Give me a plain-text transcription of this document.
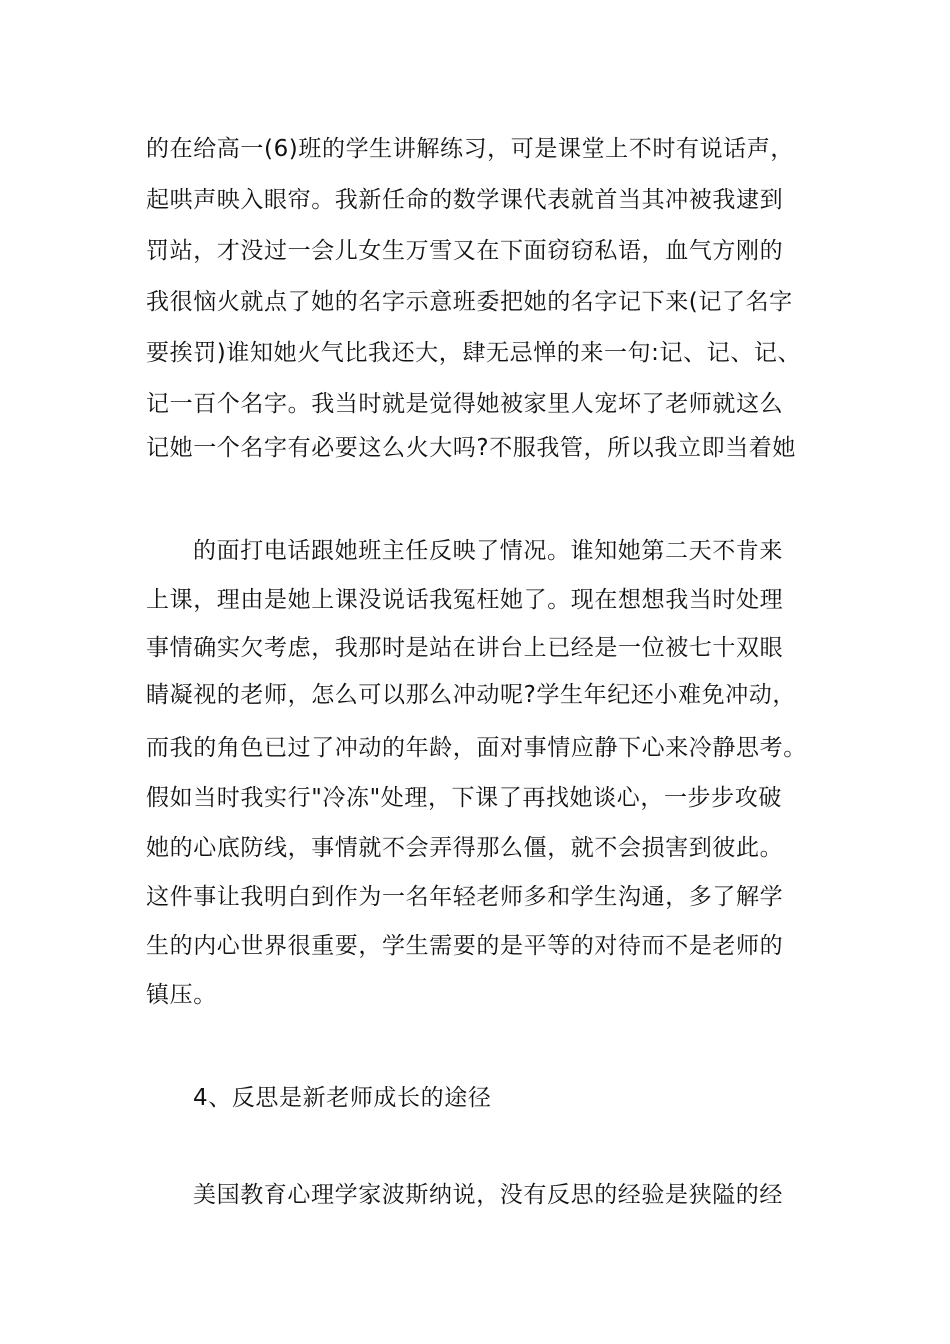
的在给高一(6)班的学生讲解练习，可是课堂上不时有说话声，
起哄声映入眼帘。我新任命的数学课代表就首当其冲被我逮到
罚站，才没过一会儿女生万雪又在下面窃窃私语，血气方刚的
我很恼火就点了她的名字示意班委把她的名字记下来(记了名字
要挨罚)谁知她火气比我还大，肆无忌惮的来一句:记、记、记、
记一百个名字。我当时就是觉得她被家里人宠坏了老师就这么
记她一个名字有必要这么火大吗?不服我管，所以我立即当着她
的面打电话跟她班主任反映了情况。谁知她第二天不肯来
上课，理由是她上课没说话我冤枉她了。现在想想我当时处理
事情确实欠考虑，我那时是站在讲台上已经是一位被七十双眼
睛凝视的老师，怎么可以那么冲动呢?学生年纪还小难免冲动，
而我的角色已过了冲动的年龄，面对事情应静下心来冷静思考。
假如当时我实行"冷冻"处理，下课了再找她谈心，一步步攻破
她的心底防线，事情就不会弄得那么僵，就不会损害到彼此。
这件事让我明白到作为一名年轻老师多和学生沟通，多了解学
生的内心世界很重要，学生需要的是平等的对待而不是老师的
镇压。
4、反思是新老师成长的途径
美国教育心理学家波斯纳说，没有反思的经验是狭隘的经
